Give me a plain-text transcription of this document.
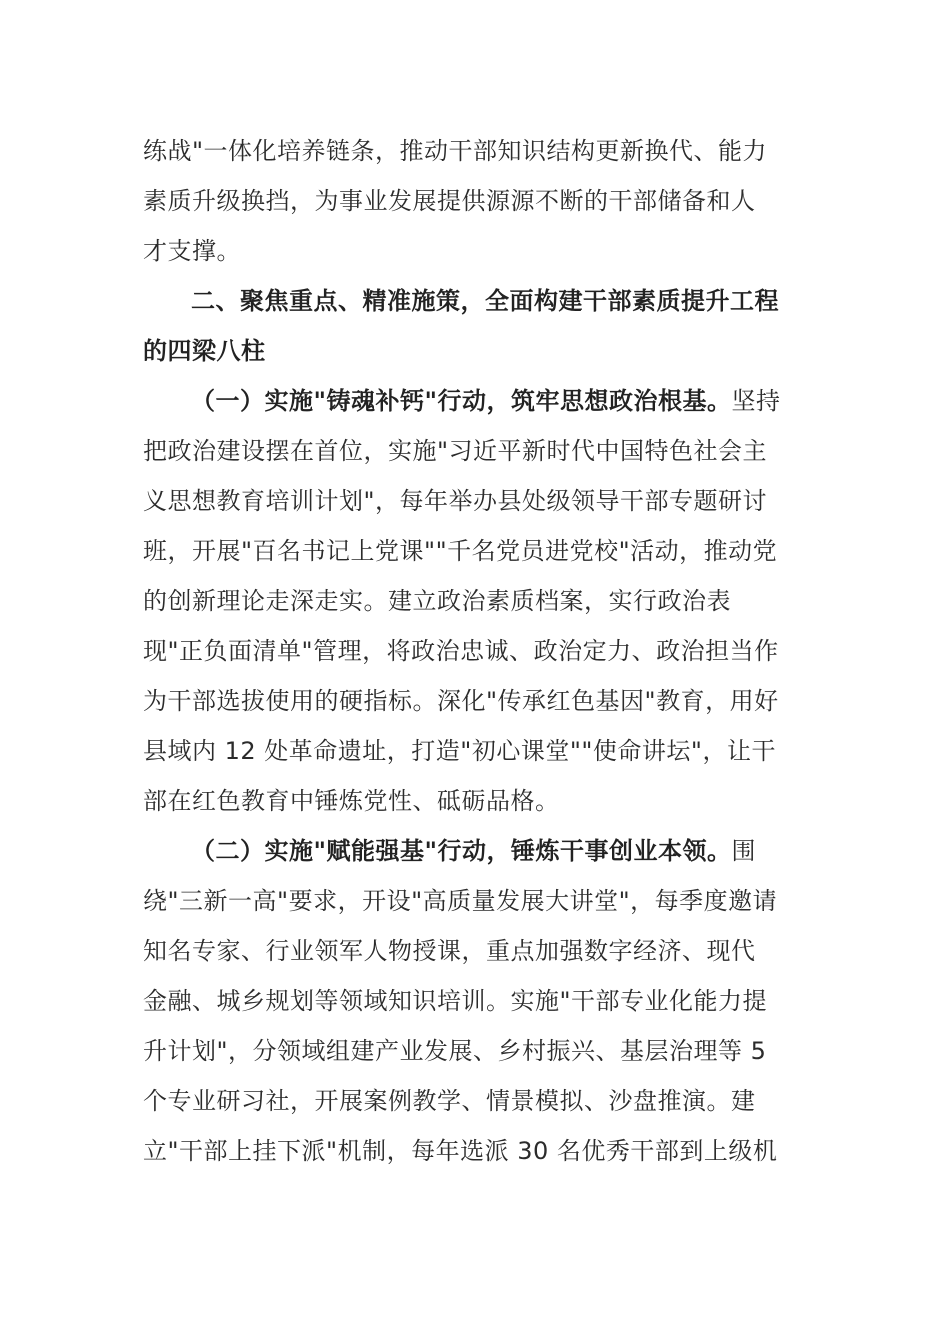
练战"一体化培养链条，推动干部知识结构更新换代、能力
素质升级换挡，为事业发展提供源源不断的干部储备和人
才支撑。
二、聚焦重点、精准施策，全面构建干部素质提升工程
的四梁八柱
（一）实施"铸魂补钙"行动，筑牢思想政治根基。坚持
把政治建设摆在首位，实施"习近平新时代中国特色社会主
义思想教育培训计划"，每年举办县处级领导干部专题研讨
班，开展"百名书记上党课""千名党员进党校"活动，推动党
的创新理论走深走实。建立政治素质档案，实行政治表
现"正负面清单"管理，将政治忠诚、政治定力、政治担当作
为干部选拔使用的硬指标。深化"传承红色基因"教育，用好
县域内 12 处革命遗址，打造"初心课堂""使命讲坛"，让干
部在红色教育中锤炼党性、砥砺品格。
（二）实施"赋能强基"行动，锤炼干事创业本领。围
绕"三新一高"要求，开设"高质量发展大讲堂"，每季度邀请
知名专家、行业领军人物授课，重点加强数字经济、现代
金融、城乡规划等领域知识培训。实施"干部专业化能力提
升计划"，分领域组建产业发展、乡村振兴、基层治理等 5
个专业研习社，开展案例教学、情景模拟、沙盘推演。建
立"干部上挂下派"机制，每年选派 30 名优秀干部到上级机
